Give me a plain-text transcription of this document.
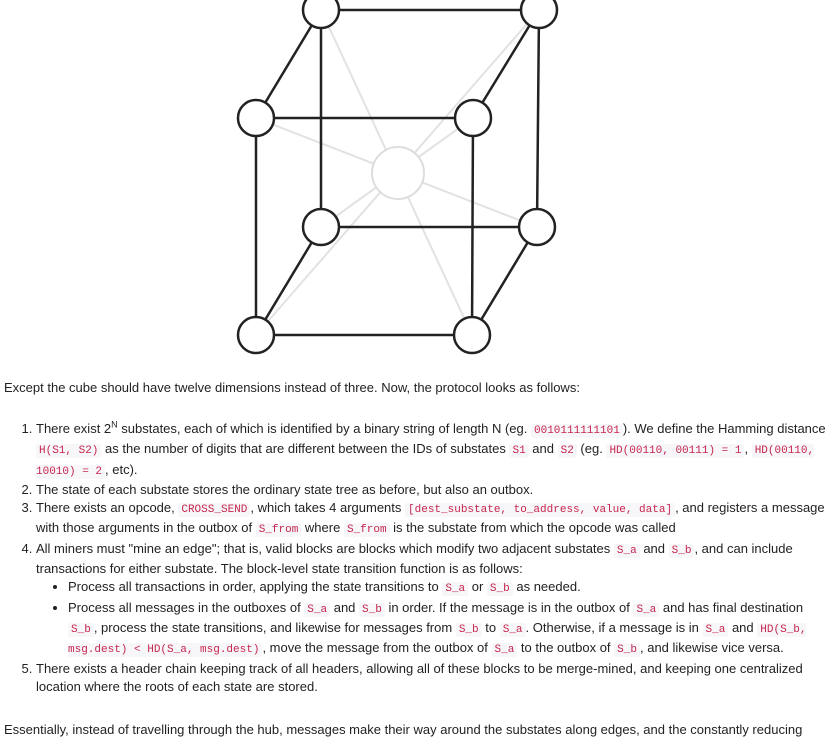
Except the cube should have twelve dimensions instead of three. Now, the protocol looks as follows:

1. There exist $2^N$ substates, each of which is identified by a binary string of length N (eg. 0010111111101 ). We define the Hamming distance H(S1, S2) as the number of digits that are different between the IDs of substates S1 and S2 (eg. HD(00110, 00111) = 1 , HD(00110, 10010) = 2 , etc).
2. The state of each substate stores the ordinary state tree as before, but also an outbox.
3. There exists an opcode, CROSS_SEND , which takes 4 arguments [dest_substate, to_address, value, data] , and registers a message with those arguments in the outbox of S_from where S_from is the substate from which the opcode was called
4. All miners must "mine an edge"; that is, valid blocks are blocks which modify two adjacent substates S_a and S_b , and can include transactions for either substate. The block-level state transition function is as follows:
• Process all transactions in order, applying the state transitions to S_a or S_b as needed.
• Process all messages in the outboxes of S_a and S_b in order. If the message is in the outbox of S_a and has final destination S_b , process the state transitions, and likewise for messages from S_b to S_a . Otherwise, if a message is in S_a and HD(S_b, msg.dest) < HD(S_a, msg.dest) , move the message from the outbox of S_a to the outbox of S_b , and likewise vice versa.
5. There exists a header chain keeping track of all headers, allowing all of these blocks to be merge-mined, and keeping one centralized location where the roots of each state are stored.

Essentially, instead of travelling through the hub, messages make their way around the substates along edges, and the constantly reducing
